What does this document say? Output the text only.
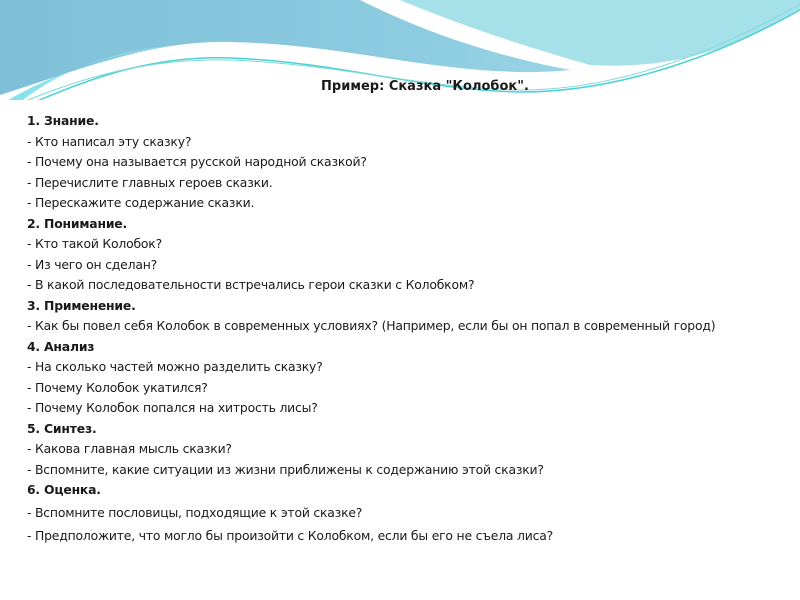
Пример: Сказка "Колобок".
1. Знание.
- Кто написал эту сказку?
- Почему она называется русской народной сказкой?
- Перечислите главных героев сказки.
- Перескажите содержание сказки.
2. Понимание.
- Кто такой Колобок?
- Из чего он сделан?
- В какой последовательности встречались герои сказки с Колобком?
3. Применение.
- Как бы повел себя Колобок в современных условиях? (Например, если бы он попал в современный город)
4. Анализ
- На сколько частей можно разделить сказку?
- Почему Колобок укатился?
- Почему Колобок попался на хитрость лисы?
5. Синтез.
- Какова главная мысль сказки?
- Вспомните, какие ситуации из жизни приближены к содержанию этой сказки?
6. Оценка.
- Вспомните пословицы, подходящие к этой сказке?
- Предположите, что могло бы произойти с Колобком, если бы его не съела лиса?
